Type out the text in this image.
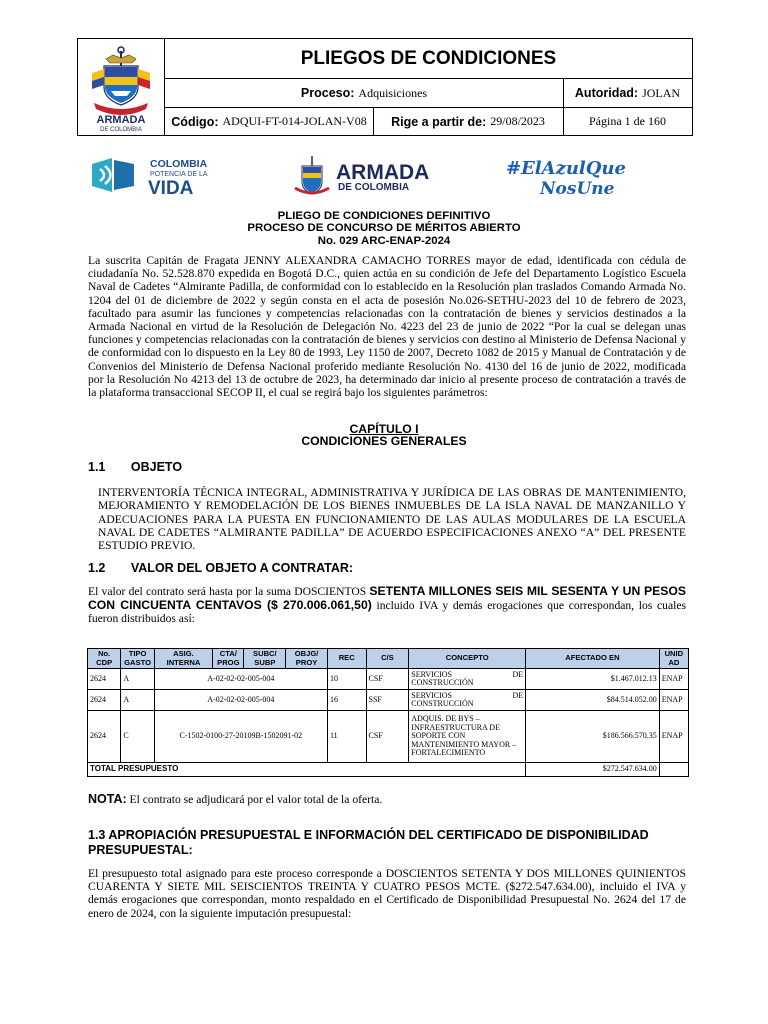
ARMADA
DE COLOMBIA
PLIEGOS DE CONDICIONES
Proceso: Adquisiciones	Autoridad: JOLAN
Código: ADQUI-FT-014-JOLAN-V08 Rige a partir de: 29/08/2023	Página 1 de 160
COLOMBIA
POTENCIA DE LA
VIDA
ARMADA
DE COLOMBIA
#ElAzulQue
NosUne
PLIEGO DE CONDICIONES DEFINITIVO
PROCESO DE CONCURSO DE MÉRITOS ABIERTO
No. 029 ARC-ENAP-2024
La suscrita Capitán de Fragata JENNY ALEXANDRA CAMACHO TORRES mayor de edad, identificada con cédula de ciudadanía No. 52.528.870 expedida en Bogotá D.C., quien actúa en su condición de Jefe del Departamento Logístico Escuela Naval de Cadetes “Almirante Padilla, de conformidad con lo establecido en la Resolución plan traslados Comando Armada No. 1204 del 01 de diciembre de 2022 y según consta en el acta de posesión No.026-SETHU-2023 del 10 de febrero de 2023, facultado para asumir las funciones y competencias relacionadas con la contratación de bienes y servicios destinados a la Armada Nacional en virtud de la Resolución de Delegación No. 4223 del 23 de junio de 2022 “Por la cual se delegan unas funciones y competencias relacionadas con la contratación de bienes y servicios con destino al Ministerio de Defensa Nacional y de conformidad con lo dispuesto en la Ley 80 de 1993, Ley 1150 de 2007, Decreto 1082 de 2015 y Manual de Contratación y de Convenios del Ministerio de Defensa Nacional proferido mediante Resolución No. 4130 del 16 de junio de 2022, modificada por la Resolución No 4213 del 13 de octubre de 2023, ha determinado dar inicio al presente proceso de contratación a través de la plataforma transaccional SECOP II, el cual se regirá bajo los siguientes parámetros:
CAPÍTULO I
CONDICIONES GENERALES
1.1 OBJETO
INTERVENTORÍA TÉCNICA INTEGRAL, ADMINISTRATIVA Y JURÍDICA DE LAS OBRAS DE MANTENIMIENTO, MEJORAMIENTO Y REMODELACIÓN DE LOS BIENES INMUEBLES DE LA ISLA NAVAL DE MANZANILLO Y ADECUACIONES PARA LA PUESTA EN FUNCIONAMIENTO DE LAS AULAS MODULARES DE LA ESCUELA NAVAL DE CADETES “ALMIRANTE PADILLA” DE ACUERDO ESPECIFICACIONES ANEXO “A” DEL PRESENTE ESTUDIO PREVIO.
1.2 VALOR DEL OBJETO A CONTRATAR:
El valor del contrato será hasta por la suma DOSCIENTOS SETENTA MILLONES SEIS MIL SESENTA Y UN PESOS CON CINCUENTA CENTAVOS ($ 270.006.061,50) incluido IVA y demás erogaciones que correspondan, los cuales fueron distribuidos así:
No. CDP	TIPO GASTO	ASIG. INTERNA	CTA/ PROG	SUBC/ SUBP	OBJG/ PROY	REC	C/S	CONCEPTO	AFECTADO EN	UNID AD
2624	A	A-02-02-02-005-004				10	CSF	SERVICIOS DE CONSTRUCCIÓN	$1.467.012.13	ENAP
2624	A	A-02-02-02-005-004				16	SSF	SERVICIOS DE CONSTRUCCIÓN	$84.514.052.00	ENAP
2624	C	C-1502-0100-27-20109B-1502091-02				11	CSF	ADQUIS. DE BYS – INFRAESTRUCTURA DE SOPORTE CON MANTENIMIENTO MAYOR – FORTALECIMIENTO	$186.566.570.35	ENAP
TOTAL PRESUPUESTO									$272.547.634.00	
NOTA: El contrato se adjudicará por el valor total de la oferta.
1.3 APROPIACIÓN PRESUPUESTAL E INFORMACIÓN DEL CERTIFICADO DE DISPONIBILIDAD PRESUPUESTAL:
El presupuesto total asignado para este proceso corresponde a DOSCIENTOS SETENTA Y DOS MILLONES QUINIENTOS CUARENTA Y SIETE MIL SEISCIENTOS TREINTA Y CUATRO PESOS MCTE. ($272.547.634.00), incluido el IVA y demás erogaciones que correspondan, monto respaldado en el Certificado de Disponibilidad Presupuestal No. 2624 del 17 de enero de 2024, con la siguiente imputación presupuestal:
